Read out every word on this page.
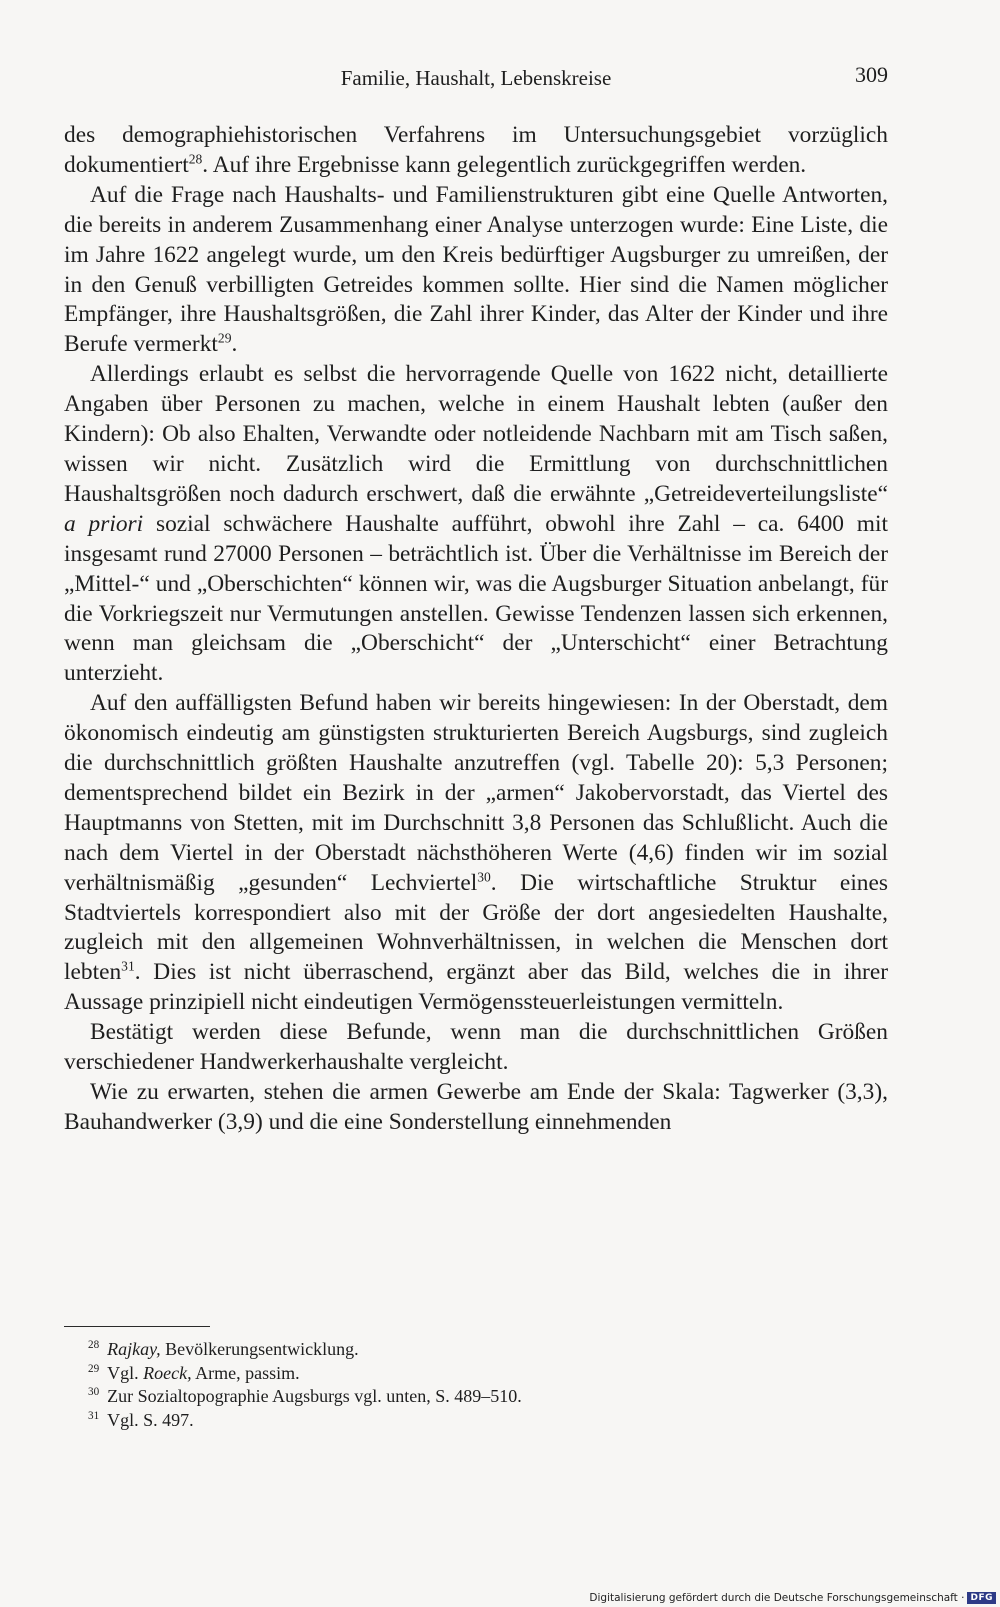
Familie, Haushalt, Lebenskreise	309

des demographiehistorischen Verfahrens im Untersuchungsgebiet vorzüglich dokumentiert$^{28}$. Auf ihre Ergebnisse kann gelegentlich zurückgegriffen werden.

Auf die Frage nach Haushalts- und Familienstrukturen gibt eine Quelle Antworten, die bereits in anderem Zusammenhang einer Analyse unterzogen wurde: Eine Liste, die im Jahre 1622 angelegt wurde, um den Kreis bedürftiger Augsburger zu umreißen, der in den Genuß verbilligten Getreides kommen sollte. Hier sind die Namen möglicher Empfänger, ihre Haushaltsgrößen, die Zahl ihrer Kinder, das Alter der Kinder und ihre Berufe vermerkt$^{29}$.

Allerdings erlaubt es selbst die hervorragende Quelle von 1622 nicht, detaillierte Angaben über Personen zu machen, welche in einem Haushalt lebten (außer den Kindern): Ob also Ehalten, Verwandte oder notleidende Nachbarn mit am Tisch saßen, wissen wir nicht. Zusätzlich wird die Ermittlung von durchschnittlichen Haushaltsgrößen noch dadurch erschwert, daß die erwähnte „Getreideverteilungsliste“ a priori sozial schwächere Haushalte aufführt, obwohl ihre Zahl – ca. 6400 mit insgesamt rund 27000 Personen – beträchtlich ist. Über die Verhältnisse im Bereich der „Mittel-“ und „Oberschichten“ können wir, was die Augsburger Situation anbelangt, für die Vorkriegszeit nur Vermutungen anstellen. Gewisse Tendenzen lassen sich erkennen, wenn man gleichsam die „Oberschicht“ der „Unterschicht“ einer Betrachtung unterzieht.

Auf den auffälligsten Befund haben wir bereits hingewiesen: In der Oberstadt, dem ökonomisch eindeutig am günstigsten strukturierten Bereich Augsburgs, sind zugleich die durchschnittlich größten Haushalte anzutreffen (vgl. Tabelle 20): 5,3 Personen; dementsprechend bildet ein Bezirk in der „armen“ Jakobervorstadt, das Viertel des Hauptmanns von Stetten, mit im Durchschnitt 3,8 Personen das Schlußlicht. Auch die nach dem Viertel in der Oberstadt nächsthöheren Werte (4,6) finden wir im sozial verhältnismäßig „gesunden“ Lechviertel$^{30}$. Die wirtschaftliche Struktur eines Stadtviertels korrespondiert also mit der Größe der dort angesiedelten Haushalte, zugleich mit den allgemeinen Wohnverhältnissen, in welchen die Menschen dort lebten$^{31}$. Dies ist nicht überraschend, ergänzt aber das Bild, welches die in ihrer Aussage prinzipiell nicht eindeutigen Vermögenssteuerleistungen vermitteln.

Bestätigt werden diese Befunde, wenn man die durchschnittlichen Größen verschiedener Handwerkerhaushalte vergleicht.

Wie zu erwarten, stehen die armen Gewerbe am Ende der Skala: Tagwerker (3,3), Bauhandwerker (3,9) und die eine Sonderstellung einnehmenden

$^{28}$ Rajkay, Bevölkerungsentwicklung.
$^{29}$ Vgl. Roeck, Arme, passim.
$^{30}$ Zur Sozialtopographie Augsburgs vgl. unten, S. 489–510.
$^{31}$ Vgl. S. 497.
Digitalisierung gefördert durch die Deutsche Forschungsgemeinschaft · DFG
